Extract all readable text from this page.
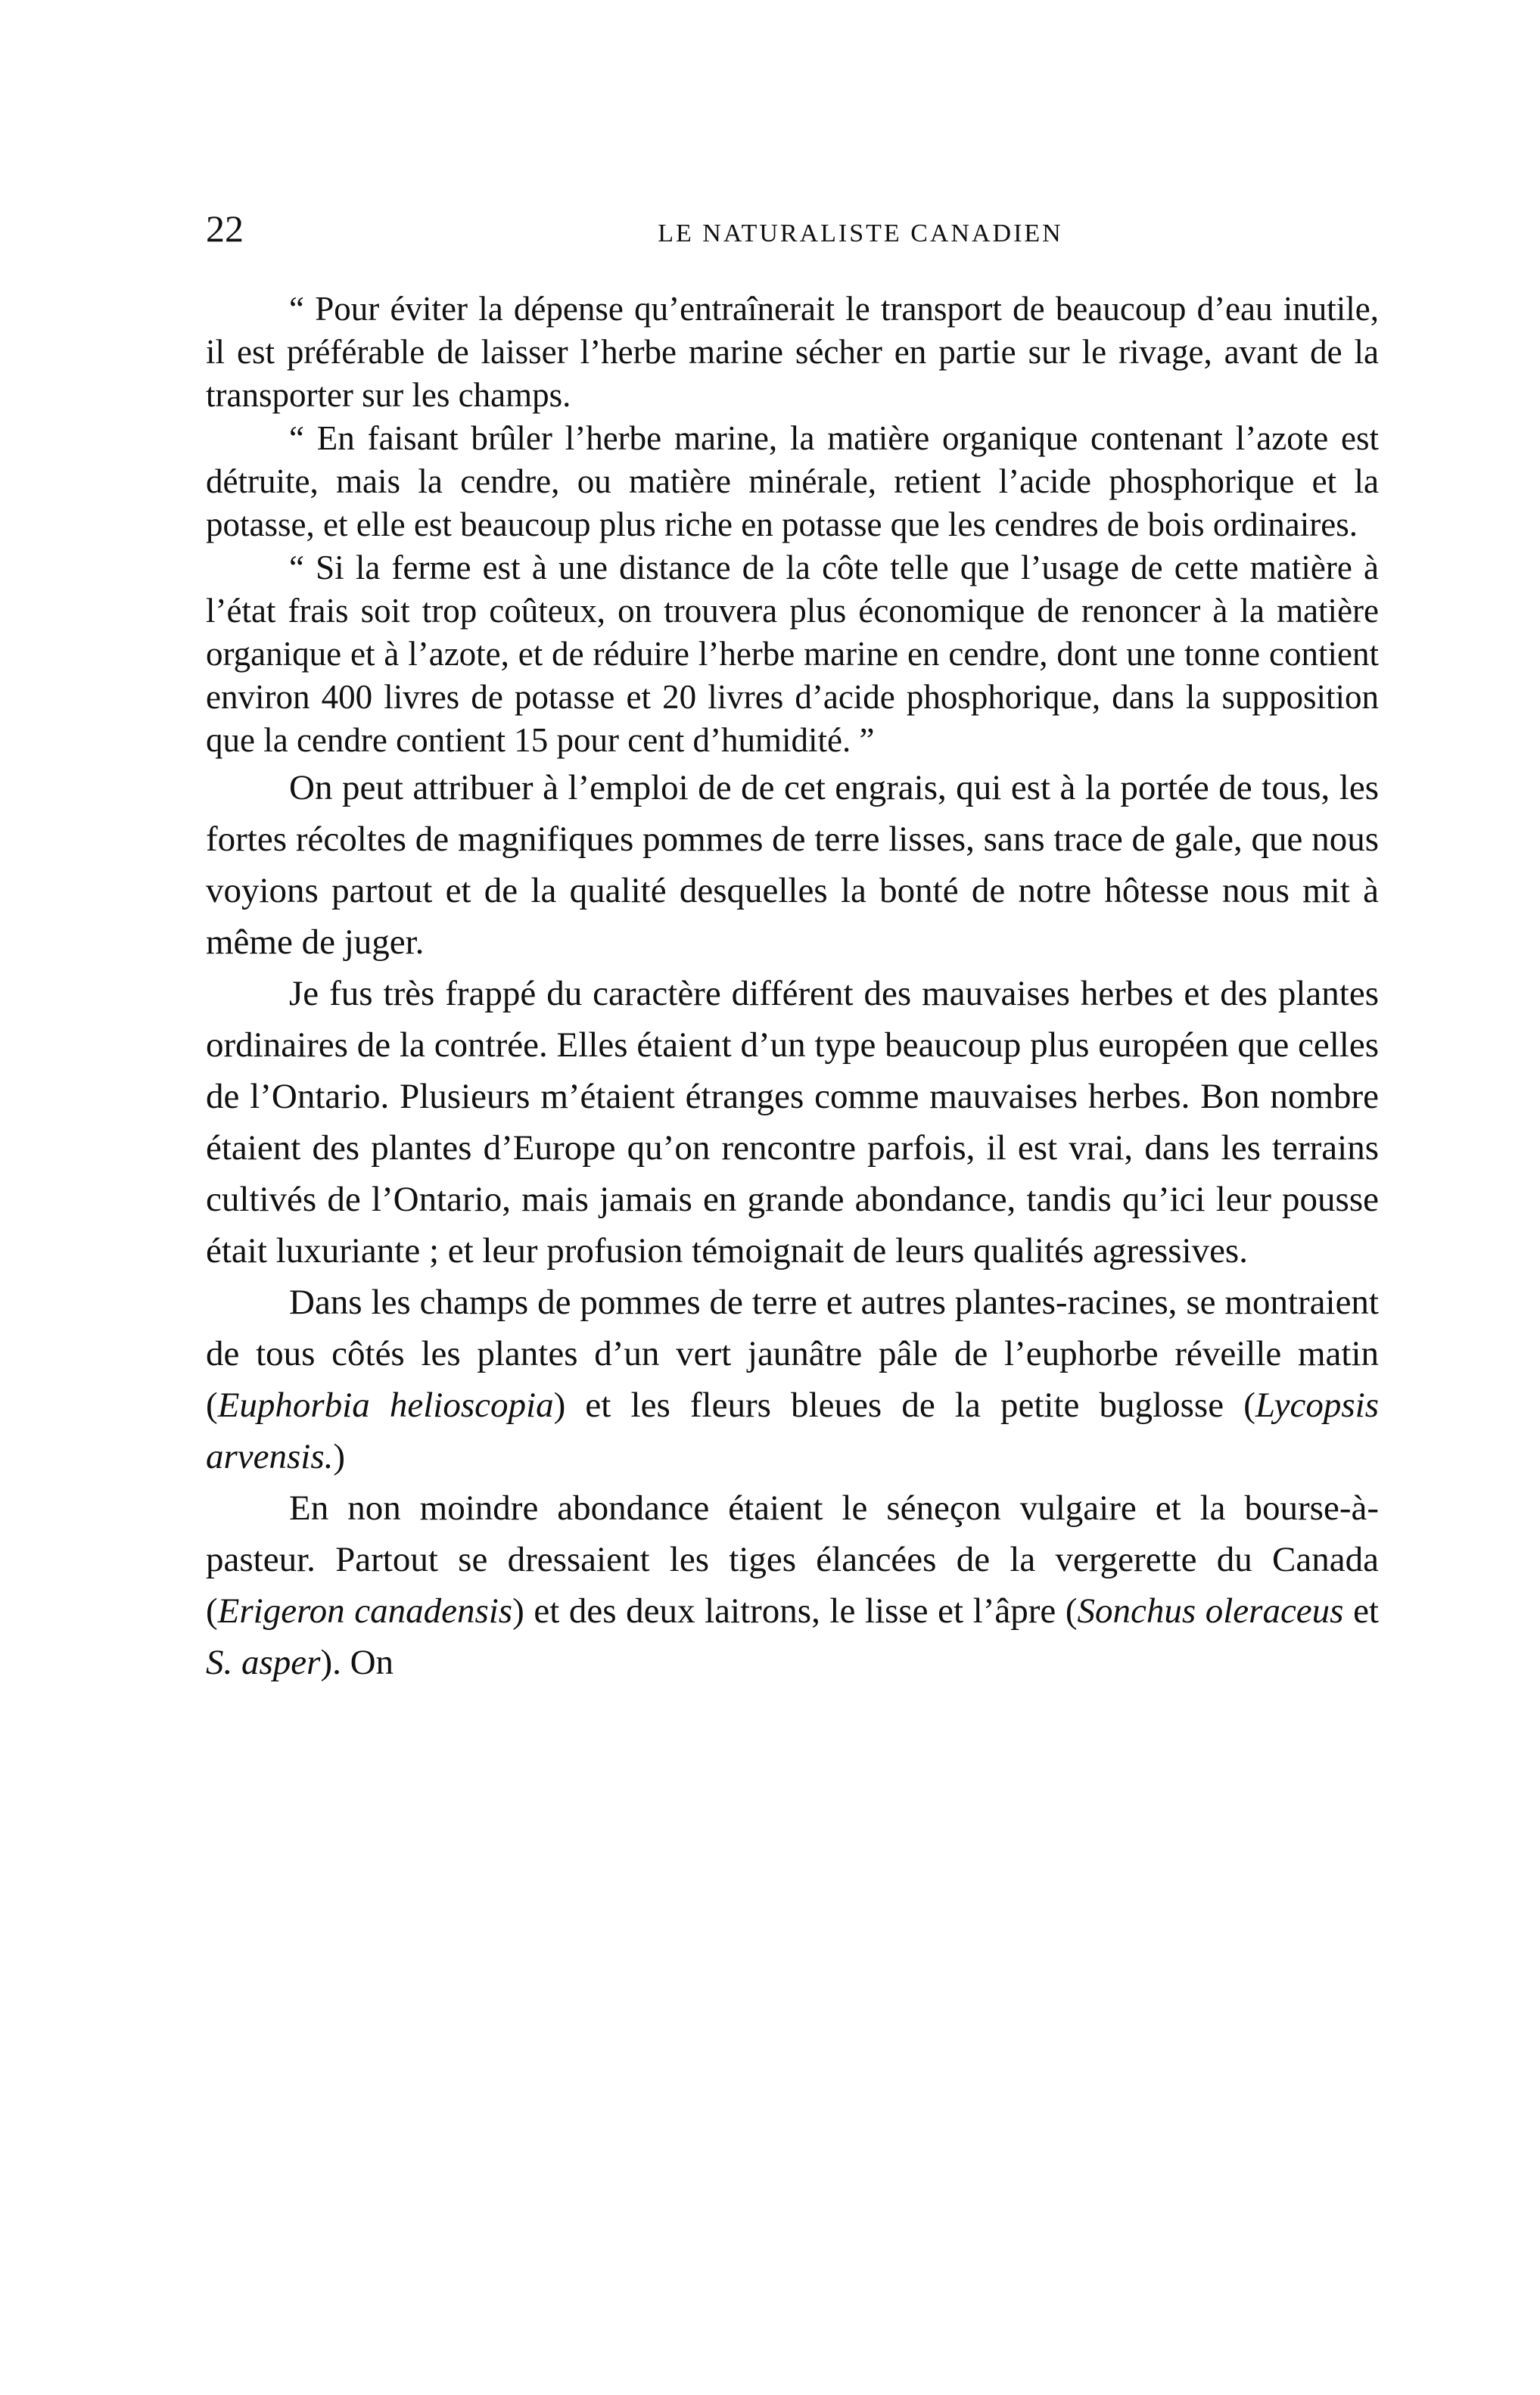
22	LE NATURALISTE CANADIEN

“ Pour éviter la dépense qu’entraînerait le transport de beaucoup d’eau inutile, il est préférable de laisser l’herbe marine sécher en partie sur le rivage, avant de la transporter sur les champs.

“ En faisant brûler l’herbe marine, la matière organique contenant l’azote est détruite, mais la cendre, ou matière minérale, retient l’acide phosphorique et la potasse, et elle est beaucoup plus riche en potasse que les cendres de bois ordinaires.

“ Si la ferme est à une distance de la côte telle que l’usage de cette matière à l’état frais soit trop coûteux, on trouvera plus économique de renoncer à la matière organique et à l’azote, et de réduire l’herbe marine en cendre, dont une tonne contient environ 400 livres de potasse et 20 livres d’acide phosphorique, dans la supposition que la cendre contient 15 pour cent d’humidité. ”

On peut attribuer à l’emploi de de cet engrais, qui est à la portée de tous, les fortes récoltes de magnifiques pommes de terre lisses, sans trace de gale, que nous voyions partout et de la qualité desquelles la bonté de notre hôtesse nous mit à même de juger.

Je fus très frappé du caractère différent des mauvaises herbes et des plantes ordinaires de la contrée. Elles étaient d’un type beaucoup plus européen que celles de l’Ontario. Plusieurs m’étaient étranges comme mauvaises herbes. Bon nombre étaient des plantes d’Europe qu’on rencontre parfois, il est vrai, dans les terrains cultivés de l’Ontario, mais jamais en grande abondance, tandis qu’ici leur pousse était luxuriante ; et leur profusion témoignait de leurs qualités agressives.

Dans les champs de pommes de terre et autres plantes-racines, se montraient de tous côtés les plantes d’un vert jaunâtre pâle de l’euphorbe réveille matin (Euphorbia helioscopia) et les fleurs bleues de la petite buglosse (Lycopsis arvensis.)

En non moindre abondance étaient le séneçon vulgaire et la bourse-à-pasteur. Partout se dressaient les tiges élancées de la vergerette du Canada (Erigeron canadensis) et des deux laitrons, le lisse et l’âpre (Sonchus oleraceus et S. asper). On
